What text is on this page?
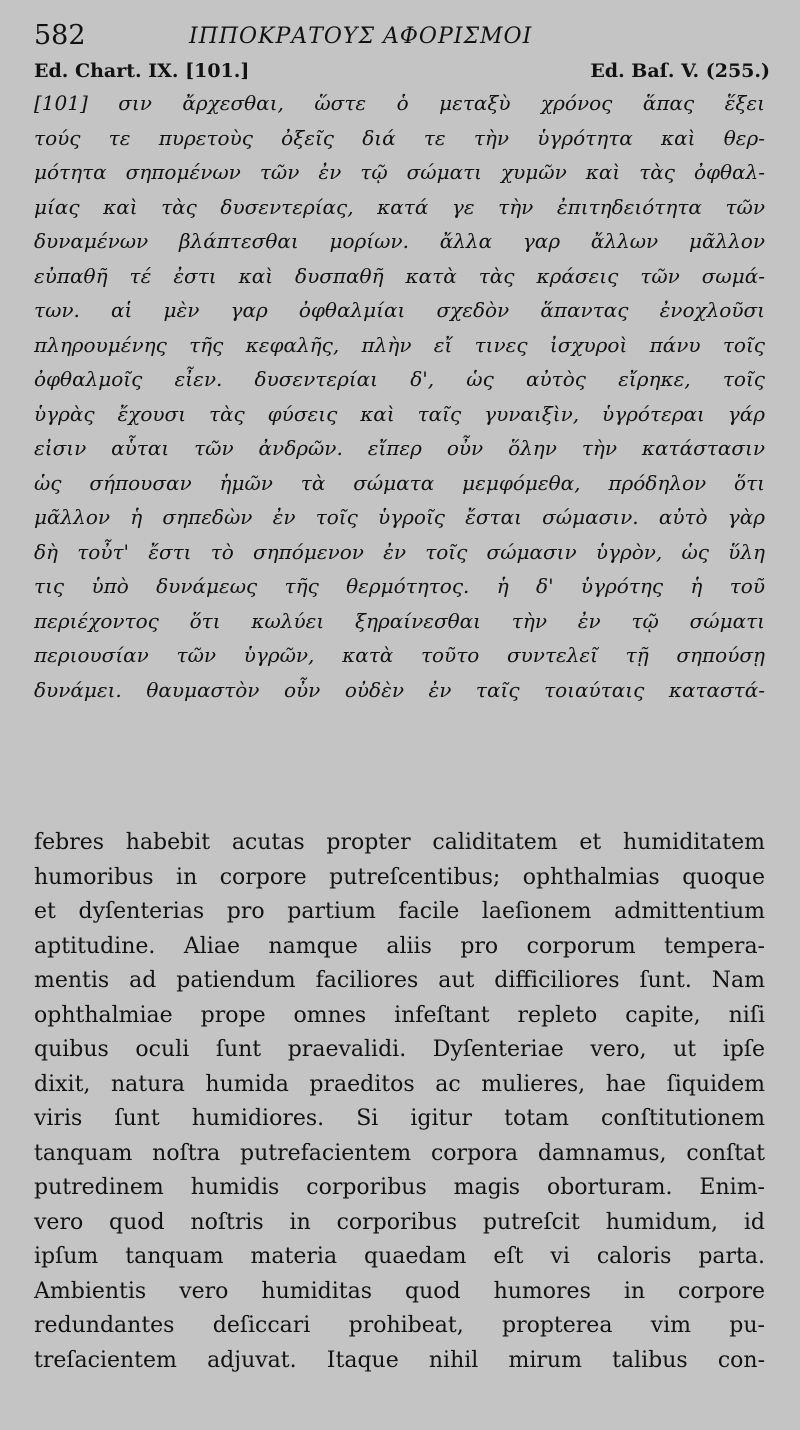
582	ΙΠΠΟΚΡΑΤΟΥΣ ΑΦΟΡΙΣΜΟΙ
Ed. Chart. IX. [101.]	Ed. Baſ. V. (255.)
[101] σιν ἄρχεσθαι, ὥστε ὁ μεταξὺ χρόνος ἅπας ἕξει
τούς τε πυρετοὺς ὀξεῖς διά τε τὴν ὑγρότητα καὶ θερ-
μότητα σηπομένων τῶν ἐν τῷ σώματι χυμῶν καὶ τὰς ὀφθαλ-
μίας καὶ τὰς δυσεντερίας, κατά γε τὴν ἐπιτηδειότητα τῶν
δυναμένων βλάπτεσθαι μορίων. ἄλλα γαρ ἄλλων μᾶλλον
εὐπαθῆ τέ ἐστι καὶ δυσπαθῆ κατὰ τὰς κράσεις τῶν σωμά-
των. αἱ μὲν γαρ ὀφθαλμίαι σχεδὸν ἅπαντας ἐνοχλοῦσι
πληρουμένης τῆς κεφαλῆς, πλὴν εἴ τινες ἰσχυροὶ πάνυ τοῖς
ὀφθαλμοῖς εἶεν. δυσεντερίαι δ', ὡς αὐτὸς εἴρηκε, τοῖς
ὑγρὰς ἔχουσι τὰς φύσεις καὶ ταῖς γυναιξὶν, ὑγρότεραι γάρ
εἰσιν αὗται τῶν ἀνδρῶν. εἴπερ οὖν ὅλην τὴν κατάστασιν
ὡς σήπουσαν ἡμῶν τὰ σώματα μεμφόμεθα, πρόδηλον ὅτι
μᾶλλον ἡ σηπεδὼν ἐν τοῖς ὑγροῖς ἔσται σώμασιν. αὐτὸ γὰρ
δὴ τοὖτ' ἔστι τὸ σηπόμενον ἐν τοῖς σώμασιν ὑγρὸν, ὡς ὕλη
τις ὑπὸ δυνάμεως τῆς θερμότητος. ἡ δ' ὑγρότης ἡ τοῦ
περιέχοντος ὅτι κωλύει ξηραίνεσθαι τὴν ἐν τῷ σώματι
περιουσίαν τῶν ὑγρῶν, κατὰ τοῦτο συντελεῖ τῇ σηπούσῃ
δυνάμει. θαυμαστὸν οὖν οὐδὲν ἐν ταῖς τοιαύταις καταστά-
febres habebit acutas propter caliditatem et humiditatem
humoribus in corpore putreſcentibus; ophthalmias quoque
et dyſenterias pro partium facile laeſionem admittentium
aptitudine. Aliae namque aliis pro corporum tempera-
mentis ad patiendum faciliores aut difficiliores ſunt. Nam
ophthalmiae prope omnes infeſtant repleto capite, niſi
quibus oculi ſunt praevalidi. Dyſenteriae vero, ut ipſe
dixit, natura humida praeditos ac mulieres, hae ſiquidem
viris ſunt humidiores. Si igitur totam conſtitutionem
tanquam noſtra putrefacientem corpora damnamus, conſtat
putredinem humidis corporibus magis oborturam. Enim-
vero quod noſtris in corporibus putreſcit humidum, id
ipſum tanquam materia quaedam eſt vi caloris parta.
Ambientis vero humiditas quod humores in corpore
redundantes deſiccari prohibeat, propterea vim pu-
treſacientem adjuvat. Itaque nihil mirum talibus con-
